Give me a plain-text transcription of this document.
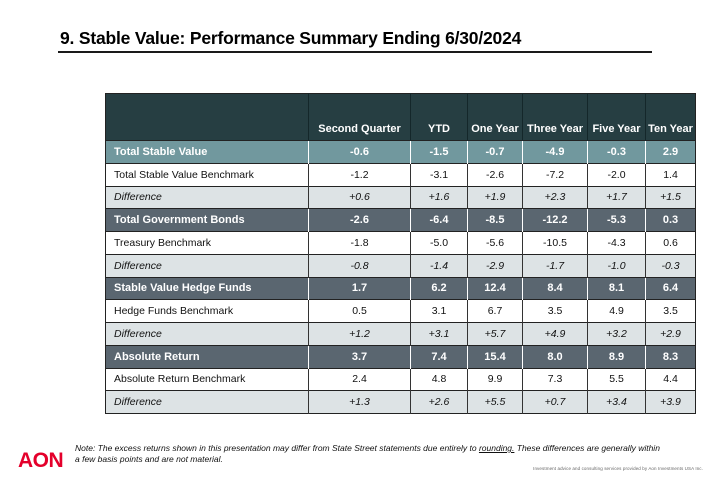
9. Stable Value: Performance Summary Ending 6/30/2024
	Second Quarter	YTD	One Year	Three Year	Five Year	Ten Year
Total Stable Value	-0.6	-1.5	-0.7	-4.9	-0.3	2.9
Total Stable Value Benchmark	-1.2	-3.1	-2.6	-7.2	-2.0	1.4
Difference	+0.6	+1.6	+1.9	+2.3	+1.7	+1.5
Total Government Bonds	-2.6	-6.4	-8.5	-12.2	-5.3	0.3
Treasury Benchmark	-1.8	-5.0	-5.6	-10.5	-4.3	0.6
Difference	-0.8	-1.4	-2.9	-1.7	-1.0	-0.3
Stable Value Hedge Funds	1.7	6.2	12.4	8.4	8.1	6.4
Hedge Funds Benchmark	0.5	3.1	6.7	3.5	4.9	3.5
Difference	+1.2	+3.1	+5.7	+4.9	+3.2	+2.9
Absolute Return	3.7	7.4	15.4	8.0	8.9	8.3
Absolute Return Benchmark	2.4	4.8	9.9	7.3	5.5	4.4
Difference	+1.3	+2.6	+5.5	+0.7	+3.4	+3.9
Note: The excess returns shown in this presentation may differ from State Street statements due entirely to rounding. These differences are generally within a few basis points and are not material.
Investment advice and consulting services provided by Aon Investments USA Inc.
AON
